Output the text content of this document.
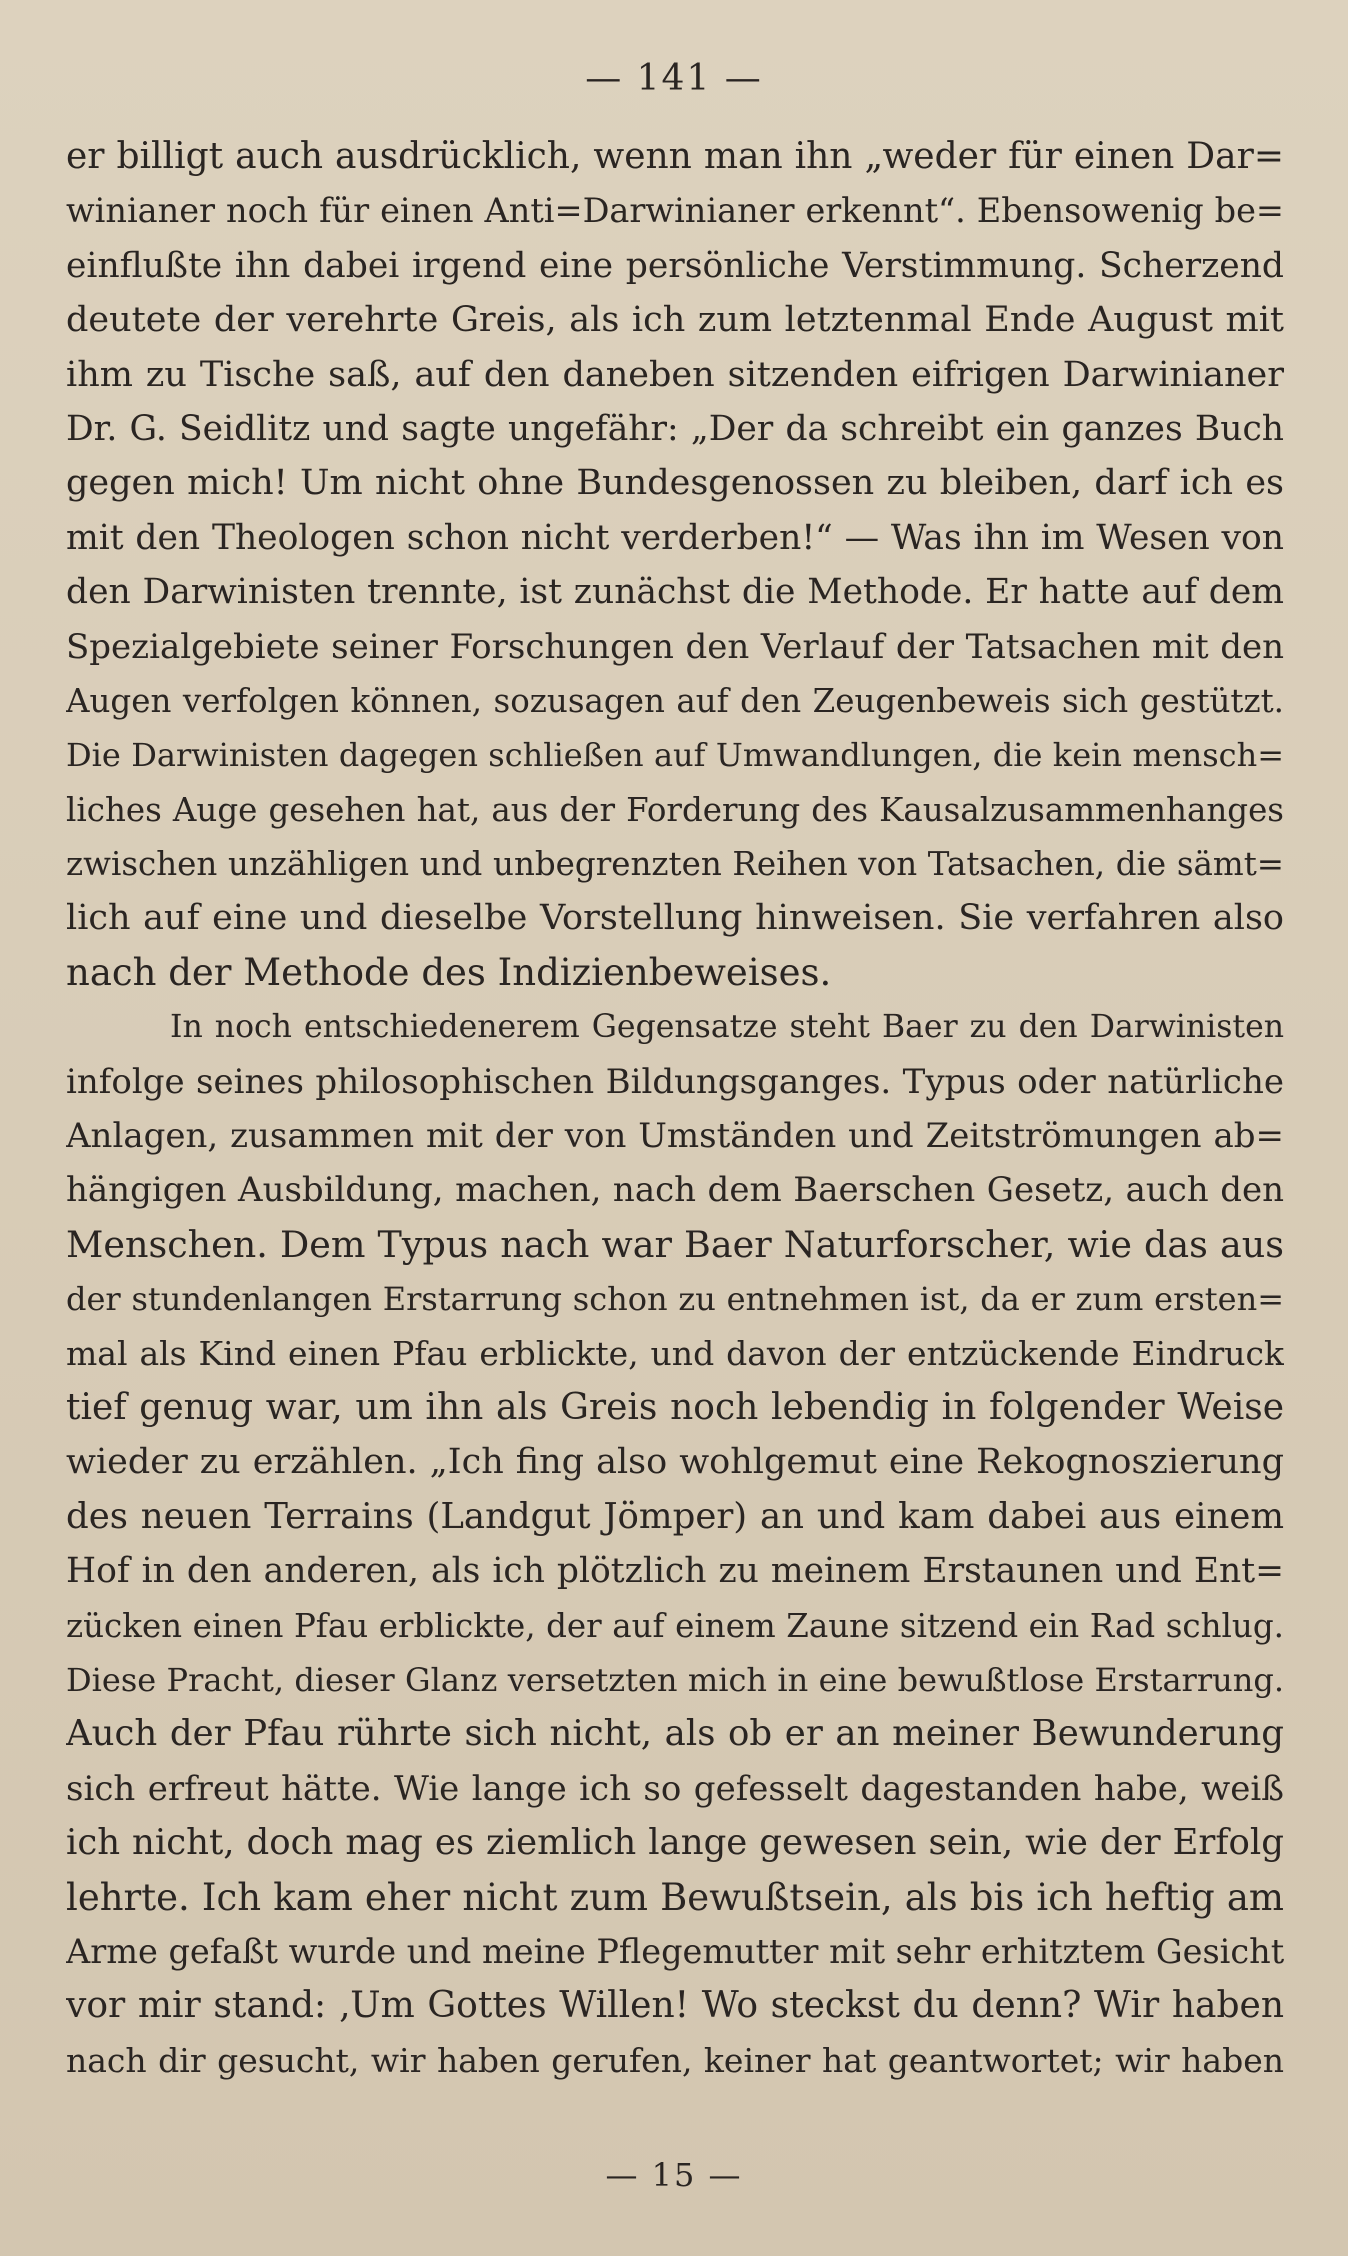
— 141 —
er billigt auch ausdrücklich, wenn man ihn „weder für einen Dar=
winianer noch für einen Anti=Darwinianer erkennt“. Ebensowenig be=
einflußte ihn dabei irgend eine persönliche Verstimmung. Scherzend
deutete der verehrte Greis, als ich zum letztenmal Ende August mit
ihm zu Tische saß, auf den daneben sitzenden eifrigen Darwinianer
Dr. G. Seidlitz und sagte ungefähr: „Der da schreibt ein ganzes Buch
gegen mich! Um nicht ohne Bundesgenossen zu bleiben, darf ich es
mit den Theologen schon nicht verderben!“ — Was ihn im Wesen von
den Darwinisten trennte, ist zunächst die Methode. Er hatte auf dem
Spezialgebiete seiner Forschungen den Verlauf der Tatsachen mit den
Augen verfolgen können, sozusagen auf den Zeugenbeweis sich gestützt.
Die Darwinisten dagegen schließen auf Umwandlungen, die kein mensch=
liches Auge gesehen hat, aus der Forderung des Kausalzusammenhanges
zwischen unzähligen und unbegrenzten Reihen von Tatsachen, die sämt=
lich auf eine und dieselbe Vorstellung hinweisen. Sie verfahren also
nach der Methode des Indizienbeweises.
In noch entschiedenerem Gegensatze steht Baer zu den Darwinisten
infolge seines philosophischen Bildungsganges. Typus oder natürliche
Anlagen, zusammen mit der von Umständen und Zeitströmungen ab=
hängigen Ausbildung, machen, nach dem Baerschen Gesetz, auch den
Menschen. Dem Typus nach war Baer Naturforscher, wie das aus
der stundenlangen Erstarrung schon zu entnehmen ist, da er zum ersten=
mal als Kind einen Pfau erblickte, und davon der entzückende Eindruck
tief genug war, um ihn als Greis noch lebendig in folgender Weise
wieder zu erzählen. „Ich fing also wohlgemut eine Rekognoszierung
des neuen Terrains (Landgut Jömper) an und kam dabei aus einem
Hof in den anderen, als ich plötzlich zu meinem Erstaunen und Ent=
zücken einen Pfau erblickte, der auf einem Zaune sitzend ein Rad schlug.
Diese Pracht, dieser Glanz versetzten mich in eine bewußtlose Erstarrung.
Auch der Pfau rührte sich nicht, als ob er an meiner Bewunderung
sich erfreut hätte. Wie lange ich so gefesselt dagestanden habe, weiß
ich nicht, doch mag es ziemlich lange gewesen sein, wie der Erfolg
lehrte. Ich kam eher nicht zum Bewußtsein, als bis ich heftig am
Arme gefaßt wurde und meine Pflegemutter mit sehr erhitztem Gesicht
vor mir stand: ‚Um Gottes Willen! Wo steckst du denn? Wir haben
nach dir gesucht, wir haben gerufen, keiner hat geantwortet; wir haben
— 15 —
